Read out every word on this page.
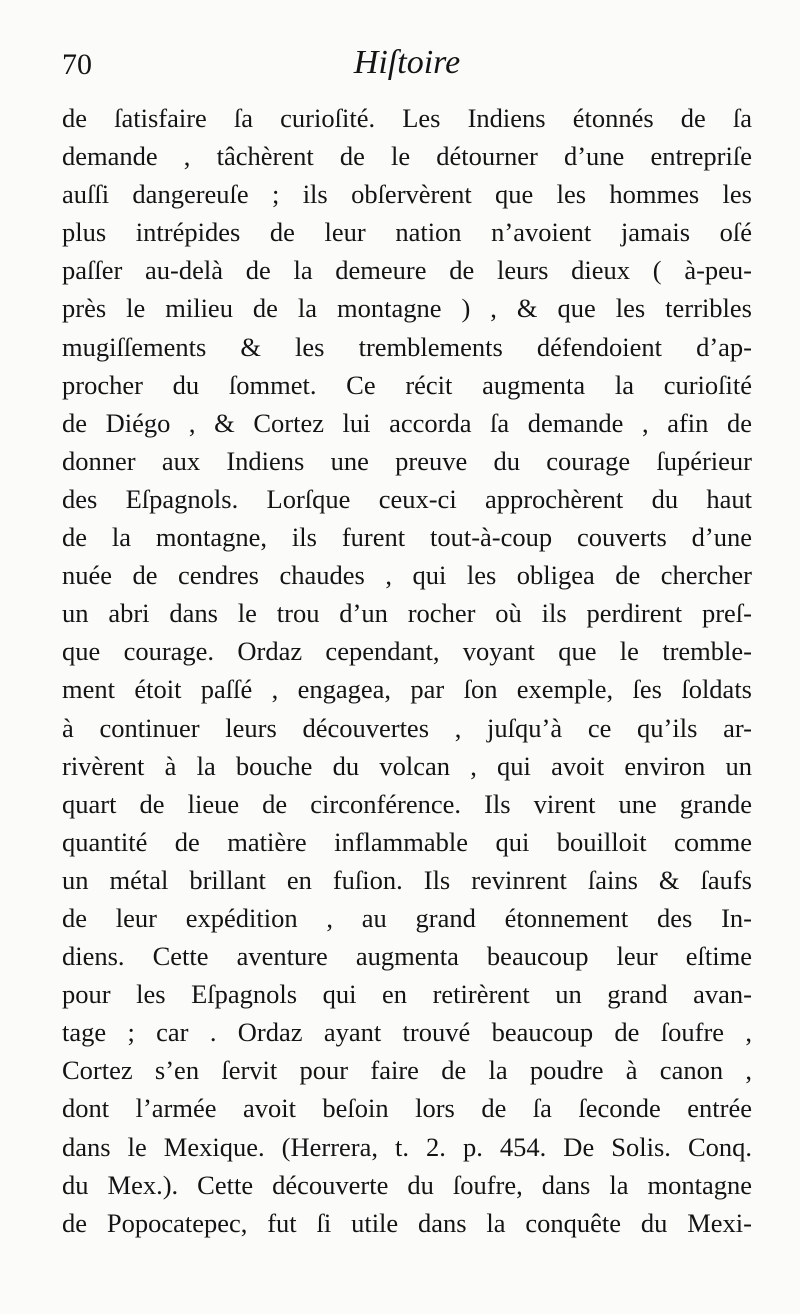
70	Hiſtoire
de ſatisfaire ſa curioſité. Les Indiens étonnés de ſa
demande , tâchèrent de le détourner d’une entrepriſe
auſſi dangereuſe ; ils obſervèrent que les hommes les
plus intrépides de leur nation n’avoient jamais oſé
paſſer au-delà de la demeure de leurs dieux ( à-peu-
près le milieu de la montagne ) , & que les terribles
mugiſſements & les tremblements défendoient d’ap-
procher du ſommet. Ce récit augmenta la curioſité
de Diégo , & Cortez lui accorda ſa demande , afin de
donner aux Indiens une preuve du courage ſupérieur
des Eſpagnols. Lorſque ceux-ci approchèrent du haut
de la montagne, ils furent tout-à-coup couverts d’une
nuée de cendres chaudes , qui les obligea de chercher
un abri dans le trou d’un rocher où ils perdirent preſ-
que courage. Ordaz cependant, voyant que le tremble-
ment étoit paſſé , engagea, par ſon exemple, ſes ſoldats
à continuer leurs découvertes , juſqu’à ce qu’ils ar-
rivèrent à la bouche du volcan , qui avoit environ un
quart de lieue de circonférence. Ils virent une grande
quantité de matière inflammable qui bouilloit comme
un métal brillant en fuſion. Ils revinrent ſains & ſaufs
de leur expédition , au grand étonnement des In-
diens. Cette aventure augmenta beaucoup leur eſtime
pour les Eſpagnols qui en retirèrent un grand avan-
tage ; car . Ordaz ayant trouvé beaucoup de ſoufre ,
Cortez s’en ſervit pour faire de la poudre à canon ,
dont l’armée avoit beſoin lors de ſa ſeconde entrée
dans le Mexique. (Herrera, t. 2. p. 454. De Solis. Conq.
du Mex.). Cette découverte du ſoufre, dans la montagne
de Popocatepec, fut ſi utile dans la conquête du Mexi-
